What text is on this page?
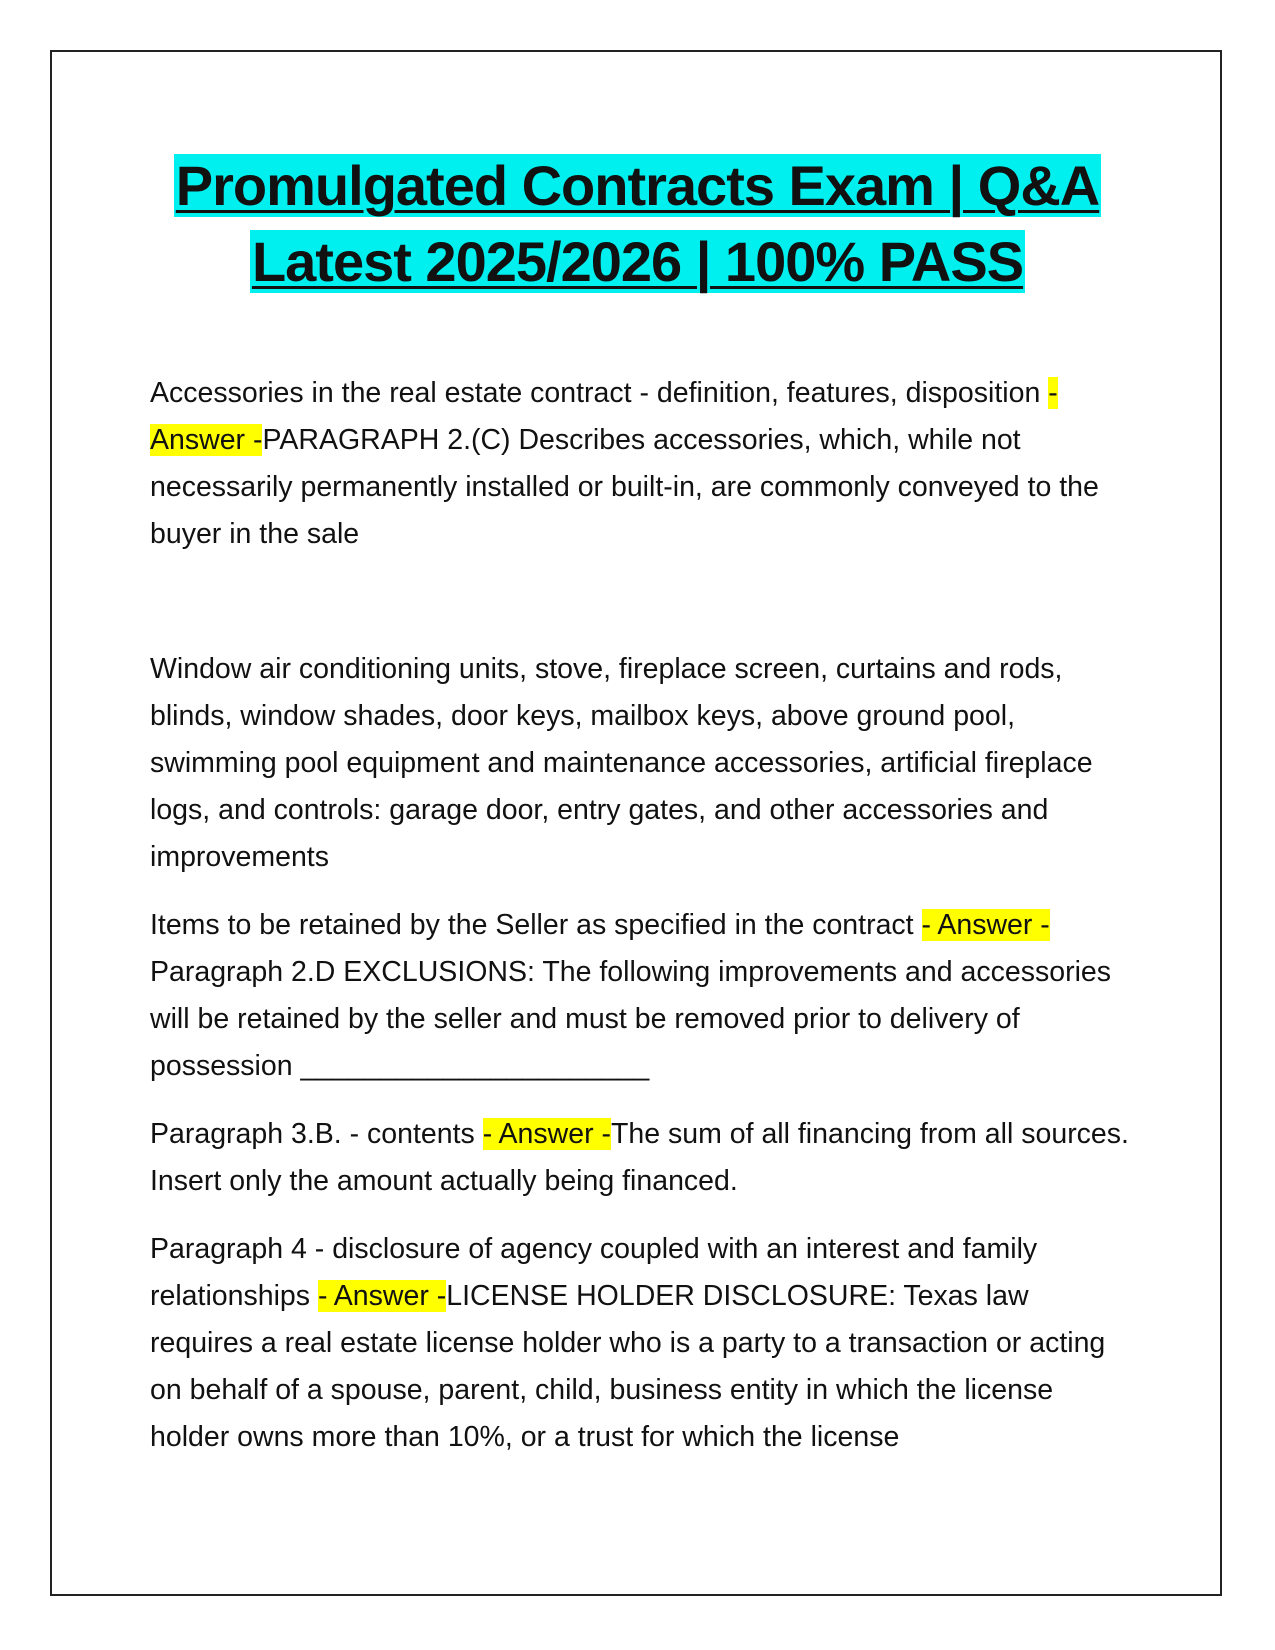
Promulgated Contracts Exam | Q&A
Latest 2025/2026 | 100% PASS

Accessories in the real estate contract - definition, features, disposition - Answer -PARAGRAPH 2.(C) Describes accessories, which, while not necessarily permanently installed or built-in, are commonly conveyed to the buyer in the sale

Window air conditioning units, stove, fireplace screen, curtains and rods, blinds, window shades, door keys, mailbox keys, above ground pool, swimming pool equipment and maintenance accessories, artificial fireplace logs, and controls: garage door, entry gates, and other accessories and improvements

Items to be retained by the Seller as specified in the contract - Answer -Paragraph 2.D EXCLUSIONS: The following improvements and accessories will be retained by the seller and must be removed prior to delivery of possession ______________________

Paragraph 3.B. - contents - Answer -The sum of all financing from all sources. Insert only the amount actually being financed.

Paragraph 4 - disclosure of agency coupled with an interest and family relationships - Answer -LICENSE HOLDER DISCLOSURE: Texas law requires a real estate license holder who is a party to a transaction or acting on behalf of a spouse, parent, child, business entity in which the license holder owns more than 10%, or a trust for which the license
